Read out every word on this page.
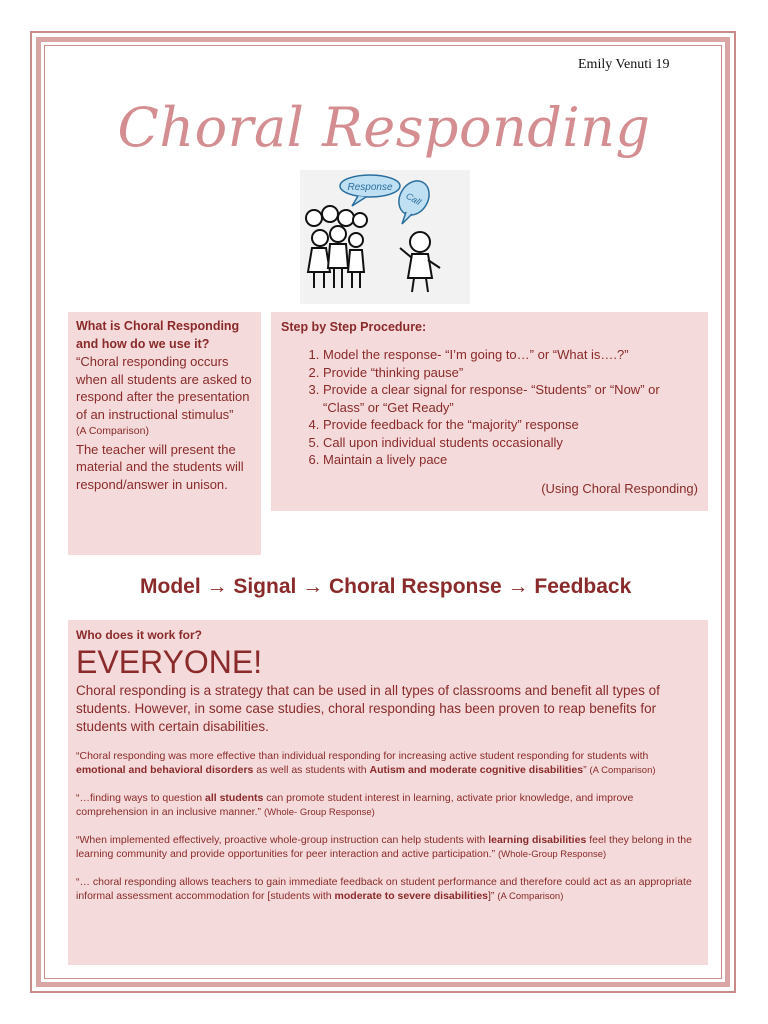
Emily Venuti 19
Choral Responding
Response
Call
What is Choral Responding and how do we use it?
“Choral responding occurs when all students are asked to respond after the presentation of an instructional stimulus”
(A Comparison)
The teacher will present the material and the students will respond/answer in unison.
Step by Step Procedure:
1. Model the response- “I’m going to…” or “What is….?”
2. Provide “thinking pause”
3. Provide a clear signal for response- “Students” or “Now” or “Class” or “Get Ready”
4. Provide feedback for the “majority” response
5. Call upon individual students occasionally
6. Maintain a lively pace
(Using Choral Responding)
Model → Signal → Choral Response → Feedback
Who does it work for?
EVERYONE!
Choral responding is a strategy that can be used in all types of classrooms and benefit all types of students. However, in some case studies, choral responding has been proven to reap benefits for students with certain disabilities.
“Choral responding was more effective than individual responding for increasing active student responding for students with emotional and behavioral disorders as well as students with Autism and moderate cognitive disabilities” (A Comparison)
“…finding ways to question all students can promote student interest in learning, activate prior knowledge, and improve comprehension in an inclusive manner.” (Whole- Group Response)
“When implemented effectively, proactive whole-group instruction can help students with learning disabilities feel they belong in the learning community and provide opportunities for peer interaction and active participation.” (Whole-Group Response)
“… choral responding allows teachers to gain immediate feedback on student performance and therefore could act as an appropriate informal assessment accommodation for [students with moderate to severe disabilities]” (A Comparison)
